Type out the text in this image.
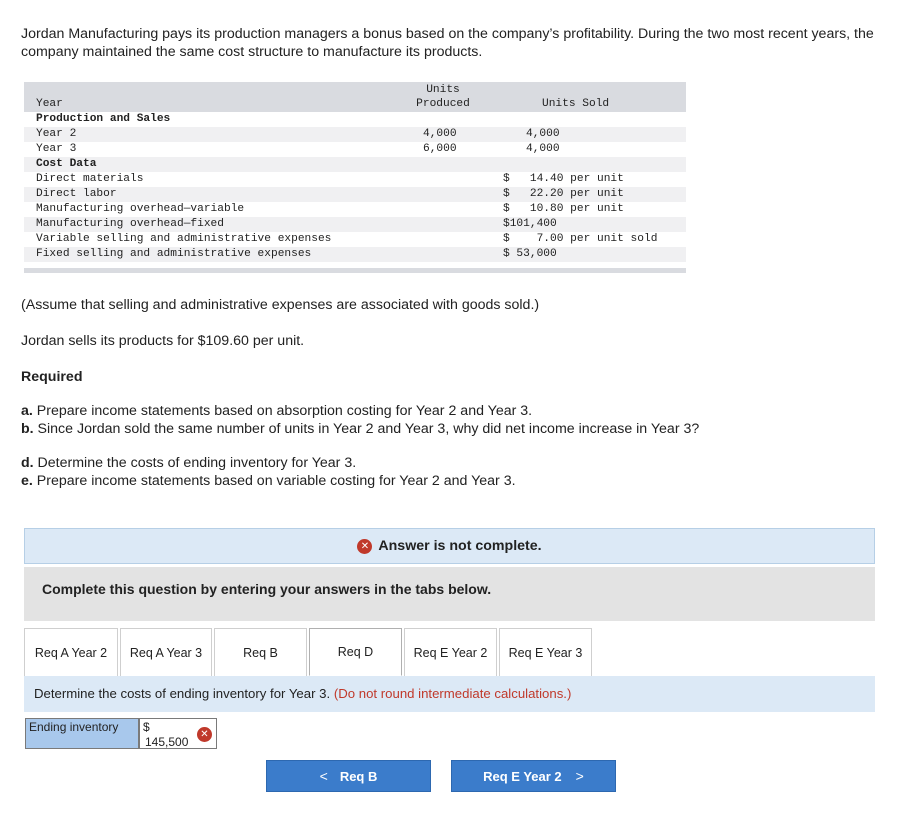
Jordan Manufacturing pays its production managers a bonus based on the company’s profitability. During the two most recent years, the company maintained the same cost structure to manufacture its products.
Year
Units
Produced	Units Sold
Production and Sales
Year 2	4,000	4,000
Year 3	6,000	4,000
Cost Data
Direct materials	$   14.40 per unit
Direct labor	$   22.20 per unit
Manufacturing overhead—variable	$   10.80 per unit
Manufacturing overhead—fixed	$101,400
Variable selling and administrative expenses	$    7.00 per unit sold
Fixed selling and administrative expenses	$ 53,000
(Assume that selling and administrative expenses are associated with goods sold.)
Jordan sells its products for $109.60 per unit.
Required
a. Prepare income statements based on absorption costing for Year 2 and Year 3.
b. Since Jordan sold the same number of units in Year 2 and Year 3, why did net income increase in Year 3?
d. Determine the costs of ending inventory for Year 3.
e. Prepare income statements based on variable costing for Year 2 and Year 3.
✕ Answer is not complete.
Complete this question by entering your answers in the tabs below.
Req A Year 2	Req A Year 3	Req B	Req D	Req E Year 2	Req E Year 3
Determine the costs of ending inventory for Year 3. (Do not round intermediate calculations.)
Ending inventory	$
145,500
✕
< Req B	Req E Year 2 >
